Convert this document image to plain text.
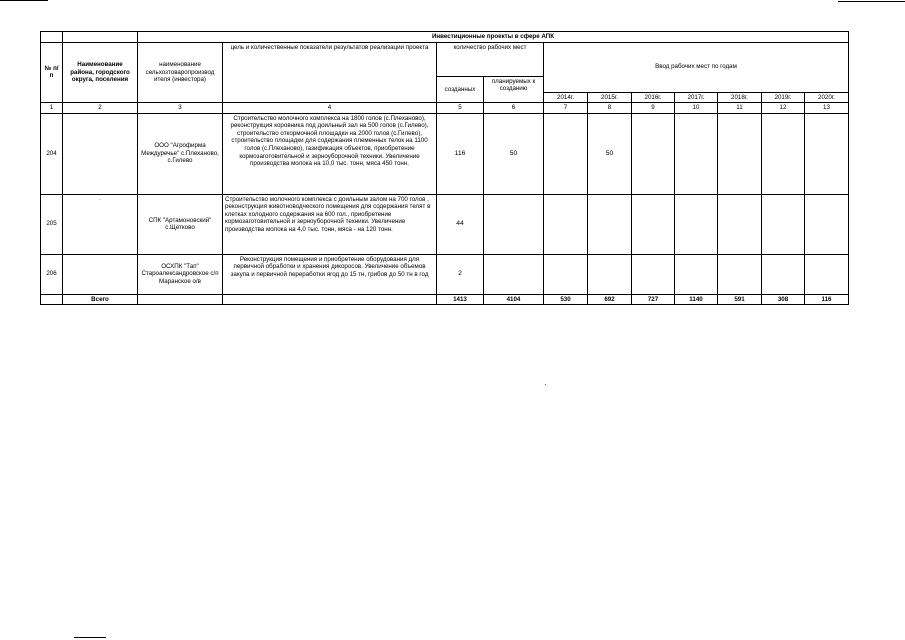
		Инвестиционные проекты в сфере АПК										
№ п/п	Наименование района, городского округа, поселения	наименование сельхозтоваропроизвод ителя (инвестора)	цель и количественные показатели результатов реализации проекта	количество рабочих мест		Ввод рабочих мест по годам						
				созданных	планируемых к созданию							
						2014г.	2015г.	2016г.	2017г.	2018г.	2019г.	2020г.
1	2	3	4	5	6	7	8	9	10	11	12	13
204		ООО "Агрофирма Междуречье" с.Плеханово, с.Гилево	Строительство молочного комплекса на 1800 голов (с.Плеханово), реконструкция коровника под доильный зал на 500 голов (с.Гилево), строительство откормочной площадки на 2000 голов (с.Гилево), строительство площадки для содержания племенных телок на 1100 голов (с.Плеханово), газификация объектов, приобретение кормозаготовительной и зерноуборочной техники. Увеличение производства молока на 10,0 тыс. тонн, мяса 450 тонн.	116	50		50					
205	·	СПК "Артамоновский" с.Щетково	Строительство молочного комплекса с доильным залом на 700 голов , реконструкция животноводческого помещения для содержания телят в клетках холодного содержания на 600 гол., приобретение кормозаготовительной и зерноуборочной техники. Увеличение производства молока на 4,0 тыс. тонн, мяса - на 120 тонн.	44								
206		ОСХПК "Тап" Староалександровское с/п Маранское о/в	Реконструкция помещения и приобретение оборудования для первичной обработки и хранения дикоросов. Увеличение объемов закупа и первичной переработки ягод до 15 тн, грибов до 50 тн в год	2								
	Всего			1413	4104	530	692	727	1140	591	308	116
